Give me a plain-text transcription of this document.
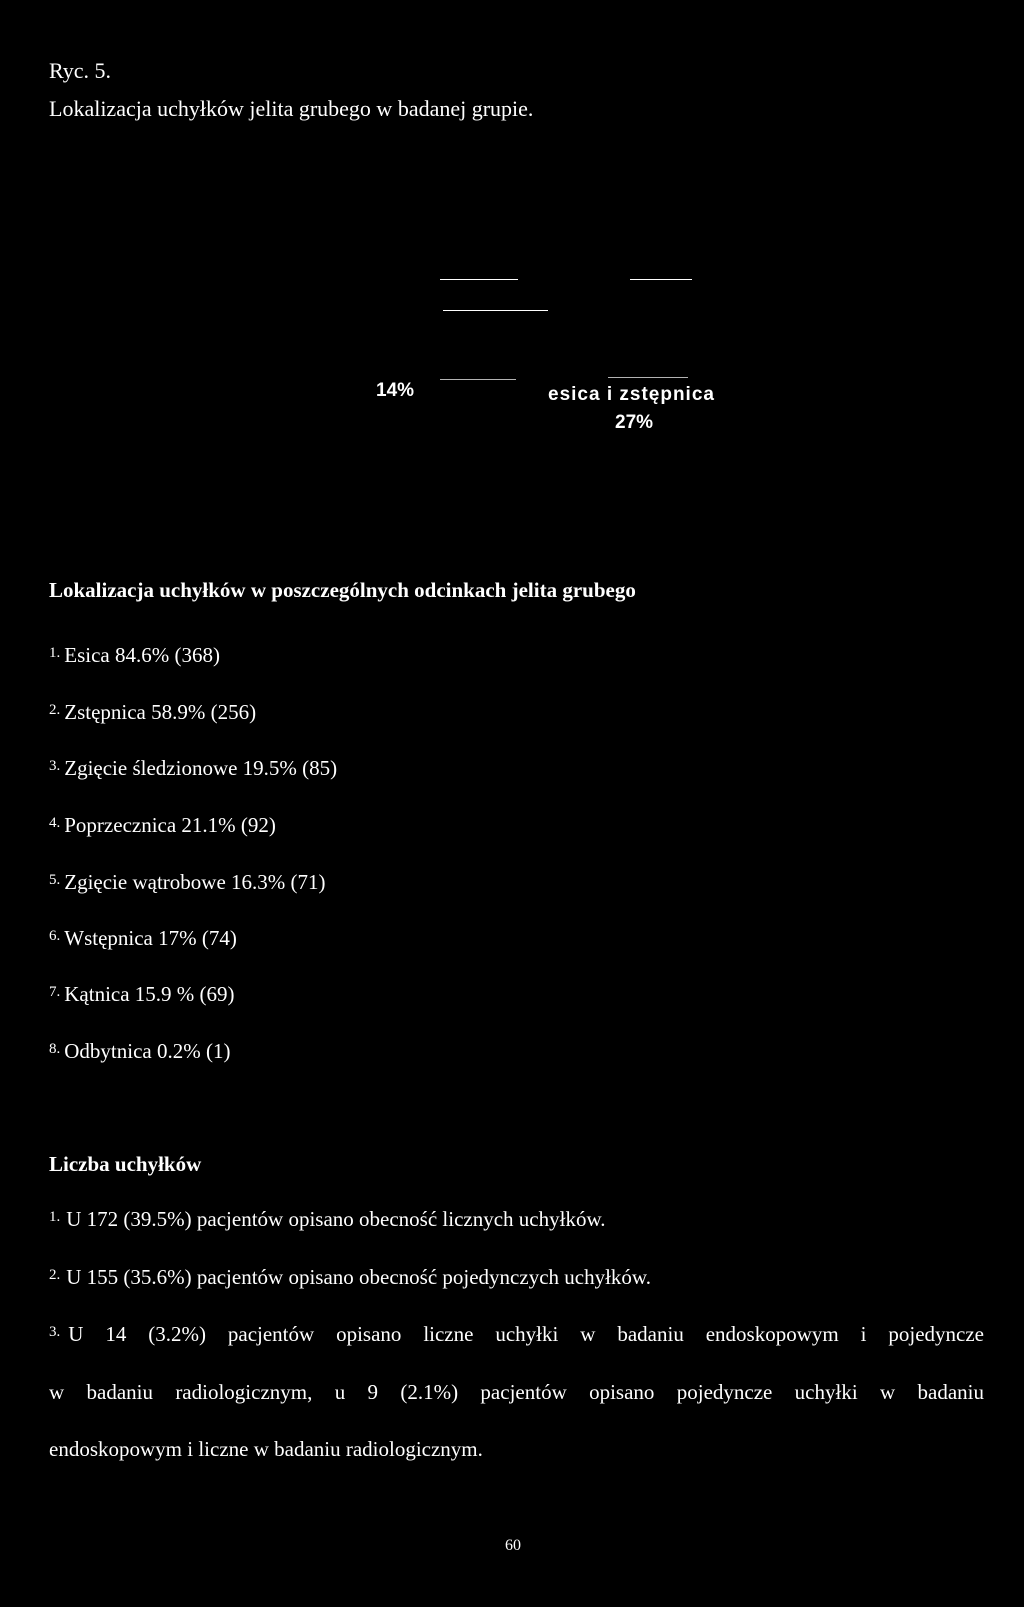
Ryc. 5.
Lokalizacja uchyłków jelita grubego w badanej grupie.
14%	esica i zstępnica
27%
Lokalizacja uchyłków w poszczególnych odcinkach jelita grubego
$^{1.}$ Esica 84.6% (368)
$^{2.}$ Zstępnica 58.9% (256)
$^{3.}$ Zgięcie śledzionowe 19.5% (85)
$^{4.}$ Poprzecznica 21.1% (92)
$^{5.}$ Zgięcie wątrobowe 16.3% (71)
$^{6.}$ Wstępnica 17% (74)
$^{7.}$ Kątnica 15.9 % (69)
$^{8.}$ Odbytnica 0.2% (1)
Liczba uchyłków
$^{1.}$ U 172 (39.5%) pacjentów opisano obecność licznych uchyłków.
$^{2.}$ U 155 (35.6%) pacjentów opisano obecność pojedynczych uchyłków.
$^{3.}$ U 14 (3.2%) pacjentów opisano liczne uchyłki w badaniu endoskopowym i pojedyncze
w badaniu radiologicznym, u 9 (2.1%) pacjentów opisano pojedyncze uchyłki w badaniu
endoskopowym i liczne w badaniu radiologicznym.
60
